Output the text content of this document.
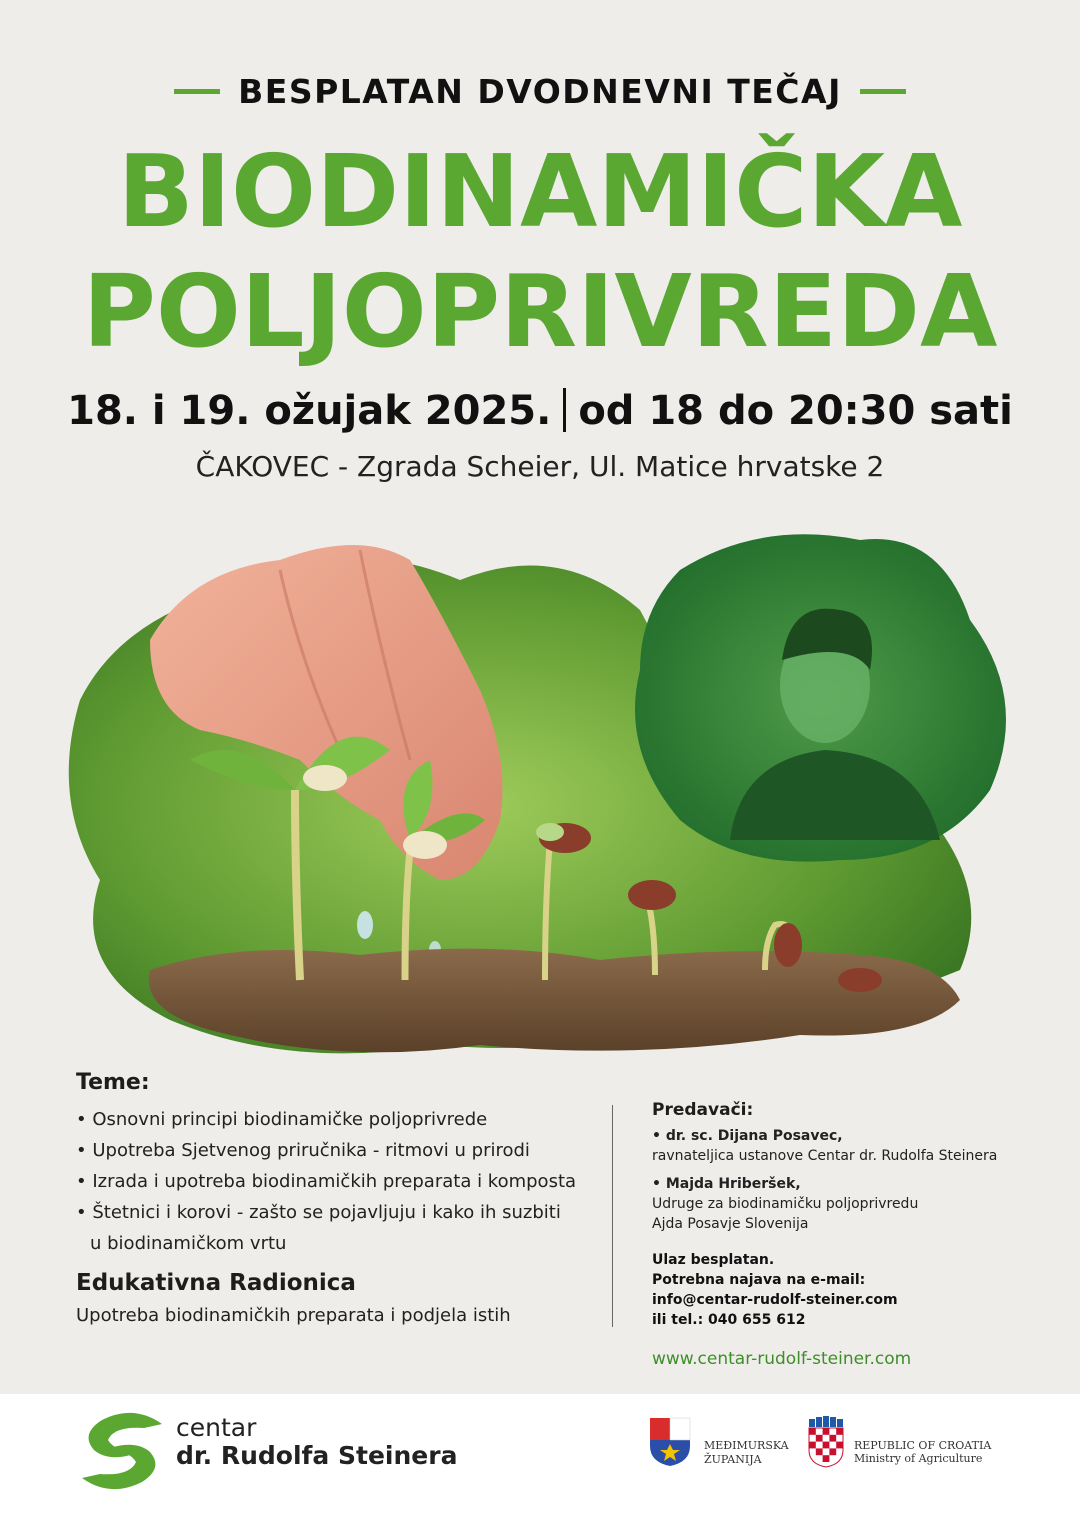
BESPLATAN DVODNEVNI TEČAJ
BIODINAMIČKA
POLJOPRIVREDA
18. i 19. ožujak 2025. od 18 do 20:30 sati
ČAKOVEC - Zgrada Scheier, Ul. Matice hrvatske 2
Teme:
• Osnovni principi biodinamičke poljoprivrede
• Upotreba Sjetvenog priručnika - ritmovi u prirodi
• Izrada i upotreba biodinamičkih preparata i komposta
• Štetnici i korovi - zašto se pojavljuju i kako ih suzbiti
u biodinamičkom vrtu
Edukativna Radionica
Upotreba biodinamičkih preparata i podjela istih
Predavači:
• dr. sc. Dijana Posavec,
ravnateljica ustanove Centar dr. Rudolfa Steinera
• Majda Hriberšek,
Udruge za biodinamičku poljoprivredu
Ajda Posavje Slovenija
Ulaz besplatan.
Potrebna najava na e-mail:
info@centar-rudolf-steiner.com
ili tel.: 040 655 612
www.centar-rudolf-steiner.com
centar
dr. Rudolfa Steinera	MEĐIMURSKA
ŽUPANIJA
REPUBLIC OF CROATIA
Ministry of Agriculture
